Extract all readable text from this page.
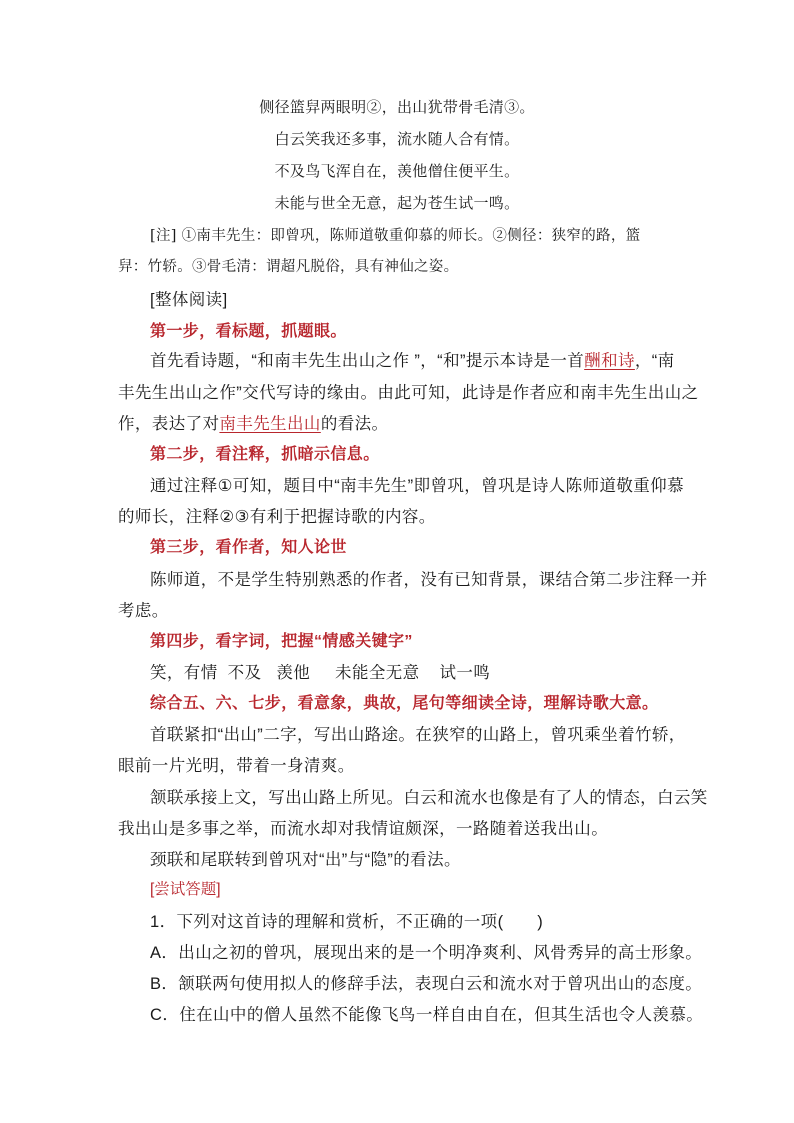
侧径篮舁两眼明②，出山犹带骨毛清③。
白云笑我还多事，流水随人合有情。
不及鸟飞浑自在，羡他僧住便平生。
未能与世全无意，起为苍生试一鸣。
[注] ①南丰先生：即曾巩，陈师道敬重仰慕的师长。②侧径：狭窄的路，篮
舁：竹轿。③骨毛清：谓超凡脱俗，具有神仙之姿。
[整体阅读]
第一步，看标题，抓题眼。
首先看诗题，“和南丰先生出山之作 ”，“和”提示本诗是一首酬和诗，“南
丰先生出山之作”交代写诗的缘由。由此可知，此诗是作者应和南丰先生出山之
作，表达了对南丰先生出山的看法。
第二步，看注释，抓暗示信息。
通过注释①可知，题目中“南丰先生”即曾巩，曾巩是诗人陈师道敬重仰慕
的师长，注释②③有利于把握诗歌的内容。
第三步，看作者，知人论世
陈师道，不是学生特别熟悉的作者，没有已知背景，课结合第二步注释一并
考虑。
第四步，看字词，把握“情感关键字”
笑，有情  不及   羡他     未能全无意    试一鸣
综合五、六、七步，看意象，典故，尾句等细读全诗，理解诗歌大意。
首联紧扣“出山”二字，写出山路途。在狭窄的山路上，曾巩乘坐着竹轿，
眼前一片光明，带着一身清爽。
颔联承接上文，写出山路上所见。白云和流水也像是有了人的情态，白云笑
我出山是多事之举，而流水却对我情谊颇深，一路随着送我出山。
颈联和尾联转到曾巩对“出”与“隐”的看法。
[尝试答题]
1．下列对这首诗的理解和赏析，不正确的一项(　　)
A．出山之初的曾巩，展现出来的是一个明净爽利、风骨秀异的高士形象。
B．颔联两句使用拟人的修辞手法，表现白云和流水对于曾巩出山的态度。
C．住在山中的僧人虽然不能像飞鸟一样自由自在，但其生活也令人羡慕。
